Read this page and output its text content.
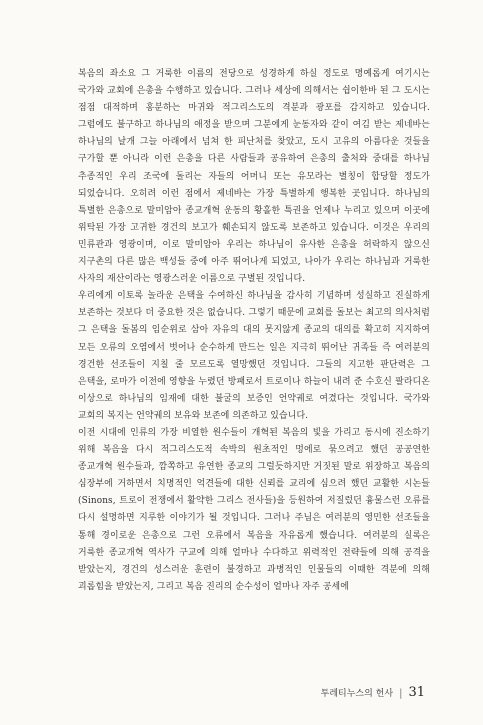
복음의 좌소요 그 거룩한 이름의 전당으로 성경하게 하실 정도로 명예롭게 여기시는 국가와 교회에 은총을 수행하고 있습니다. 그러나 세상에 의해서는 쉽이한바 된 그 도시는 점점 대적하며 홍분하는 마귀와 적그리스도의 격분과 광포를 감지하고 있습니다. 그럼에도 불구하고 하나님의 애정을 받으며 그분에게 눈동자와 같이 여김 받는 제네바는 하나님의 날개 그늘 아래에서 넘쳐 한 피난처를 찾았고, 도시 고유의 아름다운 것들을 구가할 뿐 아니라 이런 은총을 다른 사람들과 공유하여 은총의 출처와 중대를 하나님 추종적인 우리 조국에 돌리는 자들의 어머니 또는 유모라는 별칭이 합당할 정도가 되었습니다. 오히려 이런 점에서 제네바는 가장 특별하게 행복한 곳입니다. 하나님의 특별한 은총으로 말미암아 종교개혁 운동의 황홀한 특권을 언제나 누리고 있으며 이곳에 위탁된 가장 고귀한 경건의 보고가 훼손되지 않도록 보존하고 있습니다. 이것은 우리의 민류관과 영광이며, 이로 말미암아 우리는 하나님이 유사한 은총을 허락하지 않으신 지구촌의 다른 많은 백성들 중에 아주 뛰어나게 되었고, 나아가 우리는 하나님과 거룩한 사자의 재산이라는 영광스러운 이름으로 구별된 것입니다.

우리에게 이토록 놀라운 은택을 수여하신 하나님을 감사히 기념하며 성실하고 진실하게 보존하는 것보다 더 중요한 것은 없습니다. 그렇기 때문에 교회를 돌보는 최고의 의사처럼 그 은택을 돌봄의 임순위로 삼아 자유의 대의 못지않게 종교의 대의를 확고히 지지하여 모든 오류의 오염에서 벗어나 순수하게 만드는 일은 지극히 뛰어난 귀족들 즉 여러분의 경건한 선조들이 지칠 줄 모르도록 열망했던 것입니다. 그들의 지고한 판단력은 그 은택을, 로마가 이전에 영향을 누렸던 방패로서 트로이나 하늘이 내려 준 수호신 팔라디온 이상으로 하나님의 임재에 대한 불굴의 보증인 언약궤로 여겼다는 것입니다. 국가와 교회의 복지는 언약궤의 보유와 보존에 의존하고 있습니다.

이전 시대에 인류의 가장 비열한 원수들이 개혁된 복음의 빛을 가리고 동시에 진소하기 위해 복음을 다시 적그리스도적 속박의 원초적인 멍에로 묶으려고 했던 공공연한 종교개혁 원수들과, 깜쪽하고 유연한 종교의 그럴듯하지만 거짓된 말로 위장하고 복음의 심장부에 거하면서 치명적인 억견들에 대한 신뢰를 교리에 심으려 했던 교활한 시논들(Sinons, 트로이 전쟁에서 활약한 그리스 전사들)을 등원하여 저질렀던 흉물스런 오류를 다시 설명하면 지루한 이야기가 될 것입니다. 그러나 주님은 여러분의 영민한 선조들을 통해 경이로운 은총으로 그런 오류에서 복음을 자유롭게 했습니다. 여러분의 실록은 거룩한 종교개혁 역사가 구교에 의해 얼마나 수다하고 위력적인 전략들에 의해 공격을 받았는지, 경건의 성스러운 훈련이 불경하고 과병적인 인물들의 이때한 격분에 의해 괴롭힘을 받았는지, 그리고 복음 진리의 순수성이 얼마나 자주 공세에

투레티누스의 헌사 | 31
